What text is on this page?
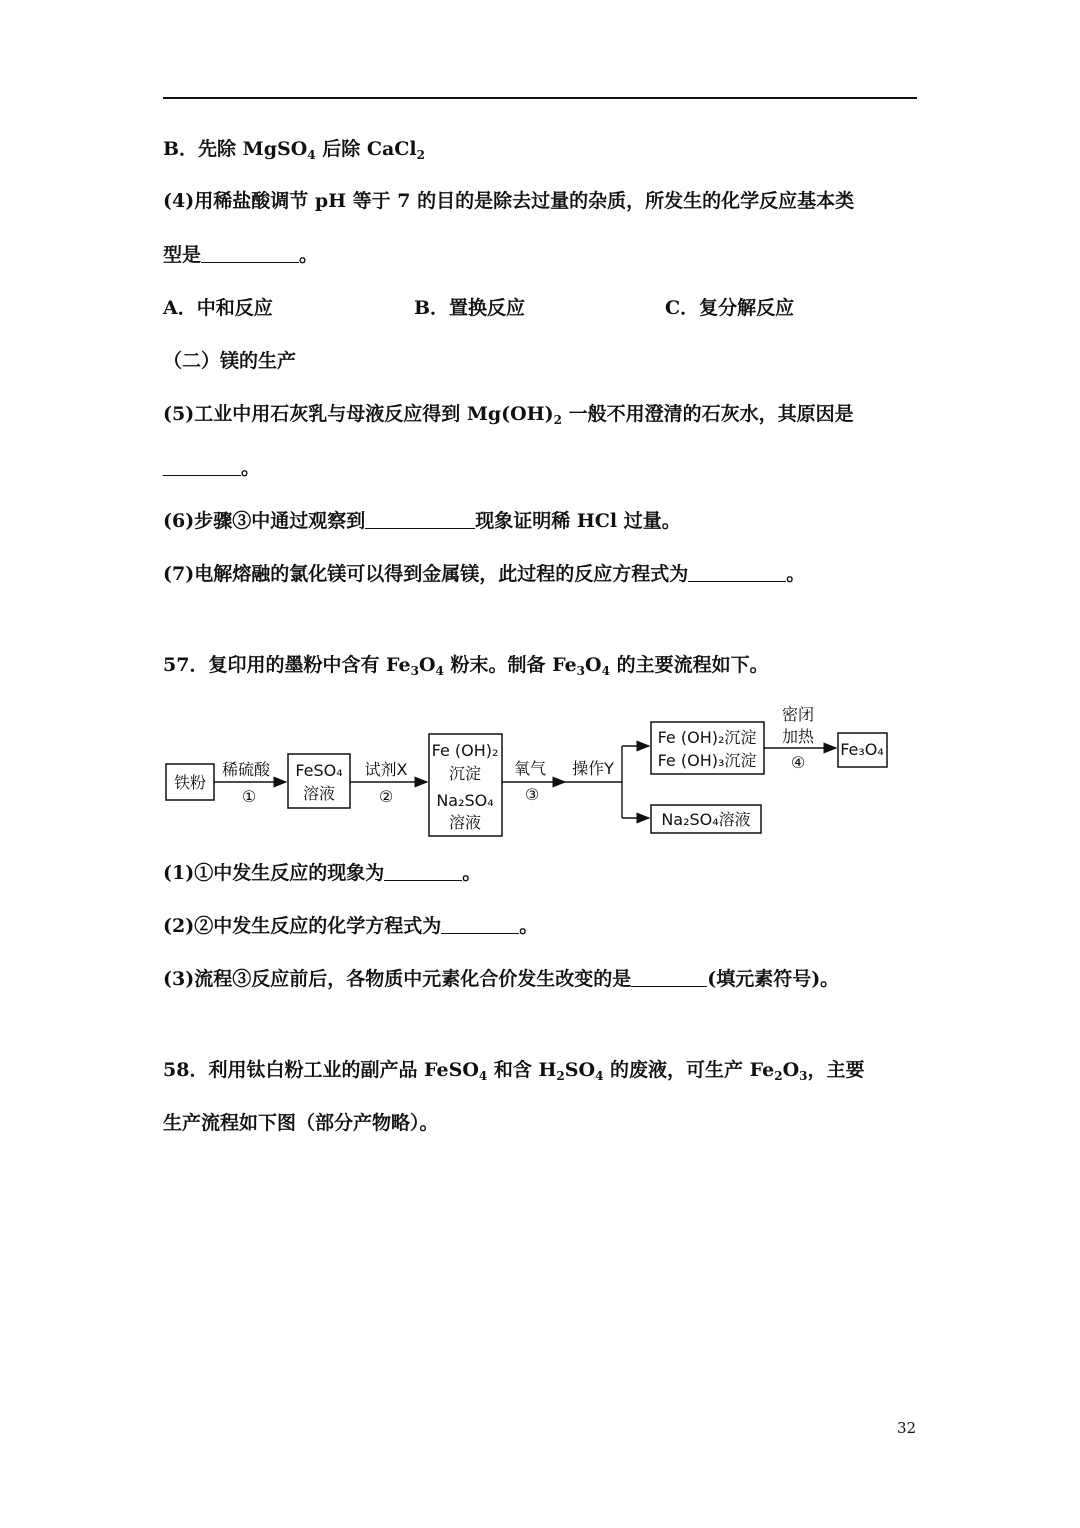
B．先除 MgSO$_4$ 后除 CaCl$_2$
(4)用稀盐酸调节 pH 等于 7 的目的是除去过量的杂质，所发生的化学反应基本类
型是	。
A．中和反应	B．置换反应	C．复分解反应
（二）镁的生产
(5)工业中用石灰乳与母液反应得到 $Mg(OH)_2$ 一般不用澄清的石灰水，其原因是
。
(6)步骤③中通过观察到	现象证明稀 HCl 过量。
(7)电解熔融的氯化镁可以得到金属镁，此过程的反应方程式为	。
57．复印用的墨粉中含有 $Fe_3O_4$ 粉末。制备 $Fe_3O_4$ 的主要流程如下。
铁粉
稀硫酸
①
FeSO₄
溶液
试剂X
②
Fe (OH)₂
沉淀
Na₂SO₄
溶液
氧气
③
操作Y
Fe (OH)₂沉淀
Fe (OH)₃沉淀
密闭
加热
④
Fe₃O₄
Na₂SO₄溶液
(1)①中发生反应的现象为	。
(2)②中发生反应的化学方程式为	。
(3)流程③反应前后，各物质中元素化合价发生改变的是	(填元素符号)。
58．利用钛白粉工业的副产品 FeSO$_4$ 和含 $H_2SO_4$ 的废液，可生产 $Fe_2O_3$，主要
生产流程如下图（部分产物略）。
32
